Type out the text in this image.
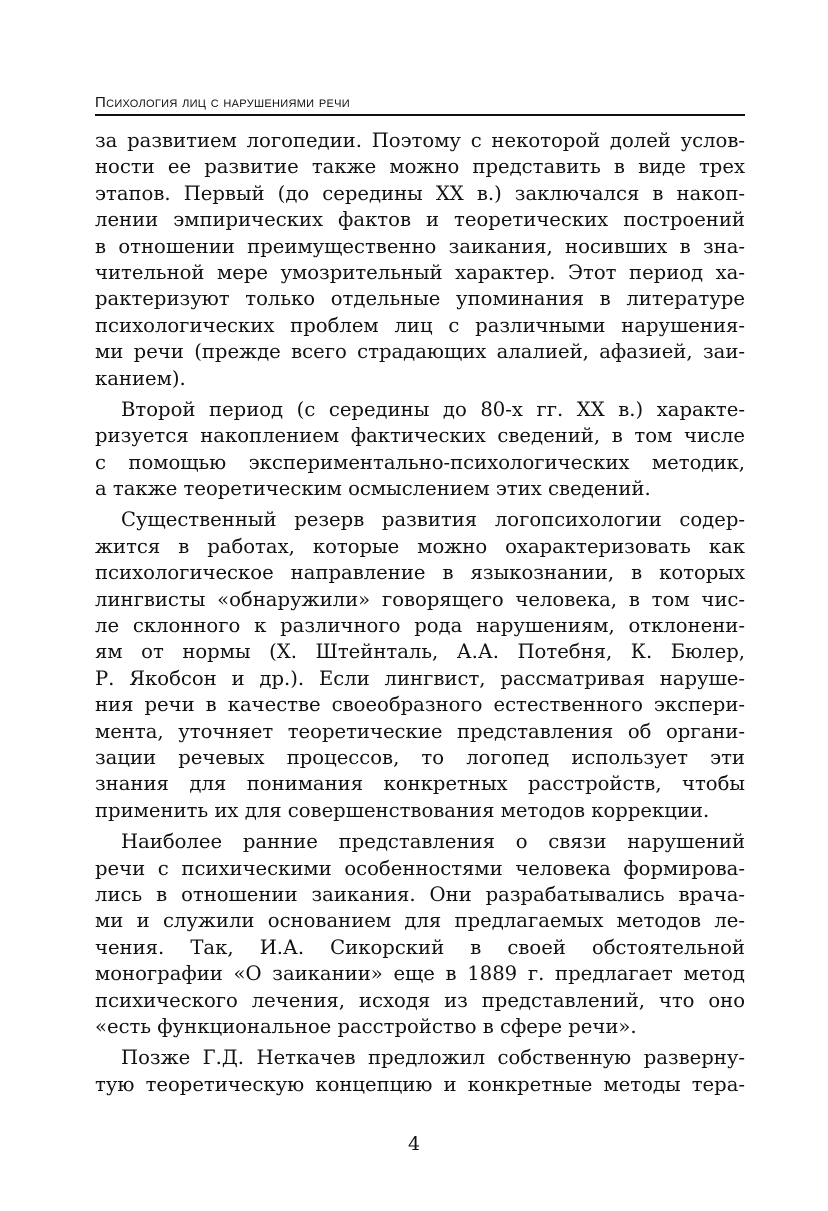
Психология лиц с нарушениями речи
за развитием логопедии. Поэтому с некоторой долей услов-
ности ее развитие также можно представить в виде трех
этапов. Первый (до середины XX в.) заключался в накоп-
лении эмпирических фактов и теоретических построений
в отношении преимущественно заикания, носивших в зна-
чительной мере умозрительный характер. Этот период ха-
рактеризуют только отдельные упоминания в литературе
психологических проблем лиц с различными нарушения-
ми речи (прежде всего страдающих алалией, афазией, заи-
канием).
Второй период (с середины до 80-х гг. XX в.) характе-
ризуется накоплением фактических сведений, в том числе
с помощью экспериментально-психологических методик,
а также теоретическим осмыслением этих сведений.
Существенный резерв развития логопсихологии содер-
жится в работах, которые можно охарактеризовать как
психологическое направление в языкознании, в которых
лингвисты «обнаружили» говорящего человека, в том чис-
ле склонного к различного рода нарушениям, отклонени-
ям от нормы (Х. Штейнталь, А.А. Потебня, К. Бюлер,
Р. Якобсон и др.). Если лингвист, рассматривая наруше-
ния речи в качестве своеобразного естественного экспери-
мента, уточняет теоретические представления об органи-
зации речевых процессов, то логопед использует эти
знания для понимания конкретных расстройств, чтобы
применить их для совершенствования методов коррекции.
Наиболее ранние представления о связи нарушений
речи с психическими особенностями человека формирова-
лись в отношении заикания. Они разрабатывались врача-
ми и служили основанием для предлагаемых методов ле-
чения. Так, И.А. Сикорский в своей обстоятельной
монографии «О заикании» еще в 1889 г. предлагает метод
психического лечения, исходя из представлений, что оно
«есть функциональное расстройство в сфере речи».
Позже Г.Д. Неткачев предложил собственную разверну-
тую теоретическую концепцию и конкретные методы тера-
4
